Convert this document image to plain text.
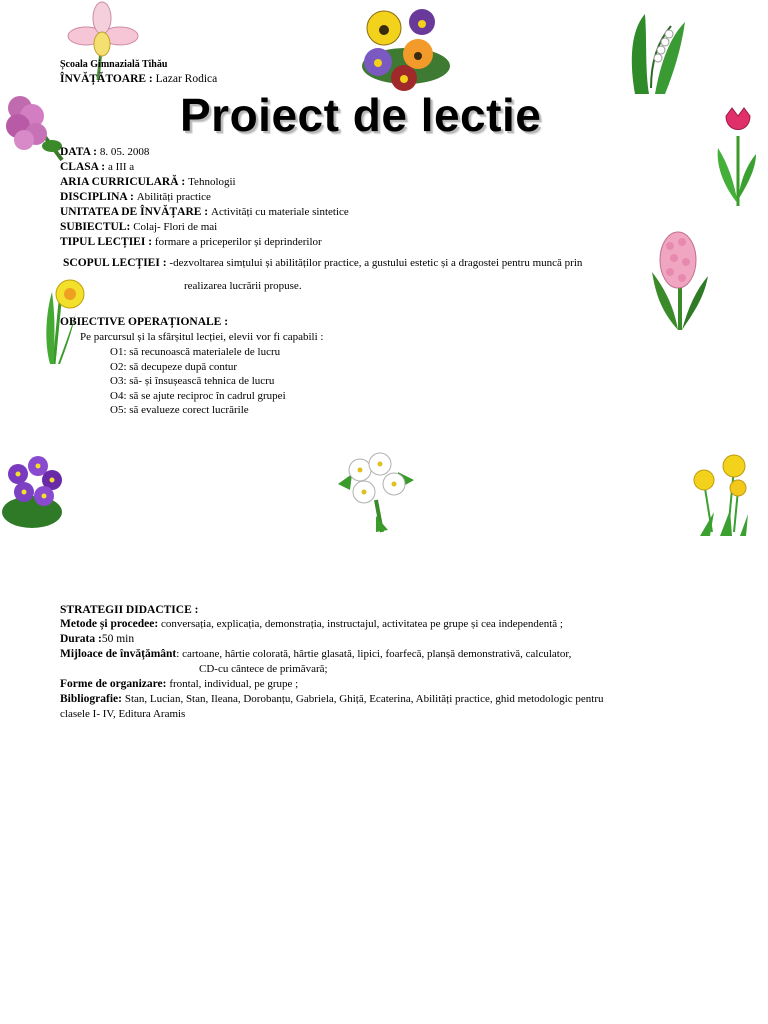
Școala Gimnazială Tihău
ÎNVĂȚĂTOARE : Lazar Rodica
Proiect de lectie
DATA : 8. 05. 2008
CLASA : a III a
ARIA CURRICULARĂ : Tehnologii
DISCIPLINA : Abilități practice
UNITATEA DE ÎNVĂȚARE : Activități cu materiale sintetice
SUBIECTUL: Colaj- Flori de mai
TIPUL LECȚIEI : formare a priceperilor și deprinderilor
SCOPUL LECȚIEI : -dezvoltarea simțului și abilităților practice, a gustului estetic și a dragostei pentru muncă prin
realizarea lucrării propuse.
OBIECTIVE OPERAȚIONALE :
Pe parcursul și la sfârșitul lecției, elevii vor fi capabili :
O1: să recunoască materialele de lucru
O2: să decupeze după contur
O3: să- și însușească tehnica de lucru
O4: să se ajute reciproc în cadrul grupei
O5: să evalueze corect lucrările
STRATEGII DIDACTICE :
Metode și procedee: conversația, explicația, demonstrația, instructajul, activitatea pe grupe și cea independentă ;
Durata :50 min
Mijloace de învățământ: cartoane, hârtie colorată, hârtie glasată, lipici, foarfecă, planșă demonstrativă, calculator,
CD-cu cântece de primăvară;
Forme de organizare: frontal, individual, pe grupe ;
Bibliografie: Stan, Lucian, Stan, Ileana, Dorobanțu, Gabriela, Ghiță, Ecaterina, Abilități practice, ghid metodologic pentru
clasele I- IV, Editura Aramis
